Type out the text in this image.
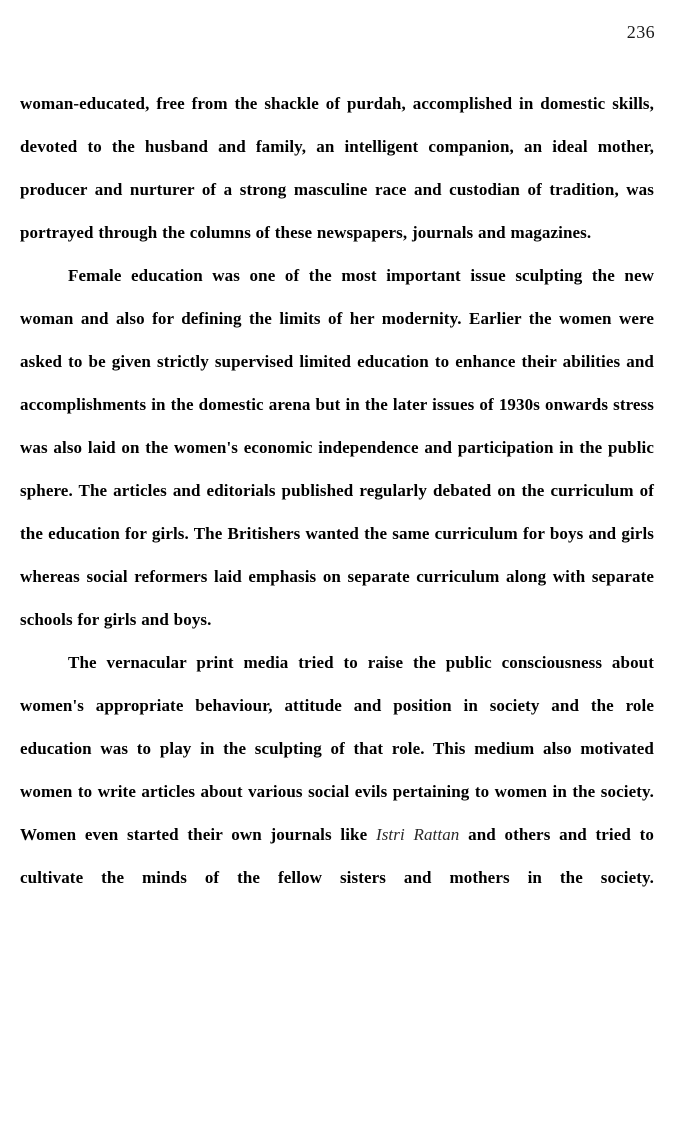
236

woman-educated, free from the shackle of purdah, accomplished in domestic skills, devoted to the husband and family, an intelligent companion, an ideal mother, producer and nurturer of a strong masculine race and custodian of tradition, was portrayed through the columns of these newspapers, journals and magazines.

Female education was one of the most important issue sculpting the new woman and also for defining the limits of her modernity. Earlier the women were asked to be given strictly supervised limited education to enhance their abilities and accomplishments in the domestic arena but in the later issues of 1930s onwards stress was also laid on the women's economic independence and participation in the public sphere. The articles and editorials published regularly debated on the curriculum of the education for girls. The Britishers wanted the same curriculum for boys and girls whereas social reformers laid emphasis on separate curriculum along with separate schools for girls and boys.

The vernacular print media tried to raise the public consciousness about women's appropriate behaviour, attitude and position in society and the role education was to play in the sculpting of that role. This medium also motivated women to write articles about various social evils pertaining to women in the society. Women even started their own journals like Istri Rattan and others and tried to cultivate the minds of the fellow sisters and mothers in the society.
